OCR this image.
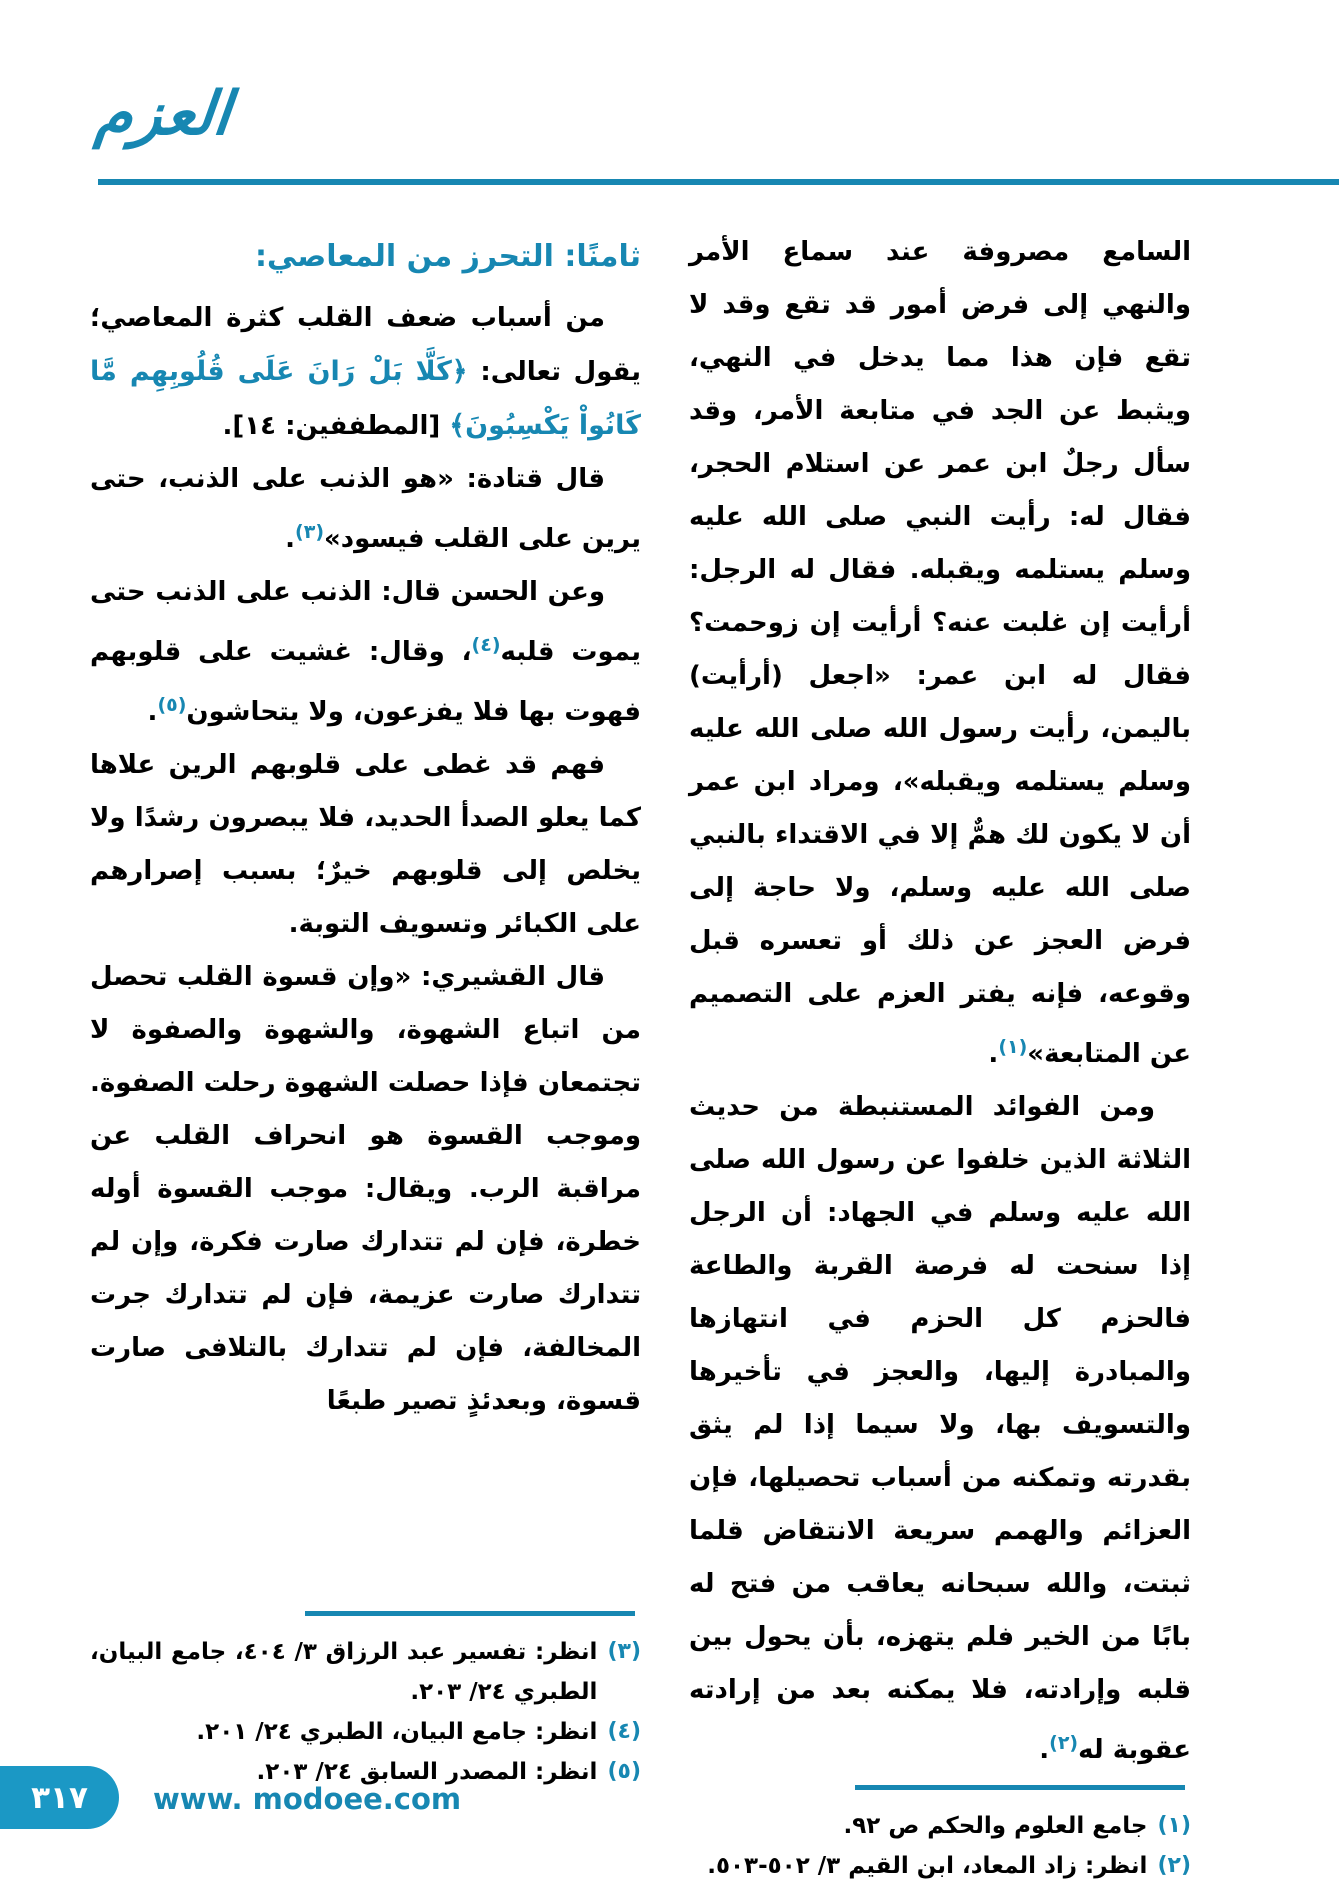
العزم

السامع مصروفة عند سماع الأمر والنهي إلى فرض أمور قد تقع وقد لا تقع فإن هذا مما يدخل في النهي، ويثبط عن الجد في متابعة الأمر، وقد سأل رجلٌ ابن عمر عن استلام الحجر، فقال له: رأيت النبي صلى الله عليه وسلم يستلمه ويقبله. فقال له الرجل: أرأيت إن غلبت عنه؟ أرأيت إن زوحمت؟ فقال له ابن عمر: «اجعل (أرأيت) باليمن، رأيت رسول الله صلى الله عليه وسلم يستلمه ويقبله»، ومراد ابن عمر أن لا يكون لك همٌّ إلا في الاقتداء بالنبي صلى الله عليه وسلم، ولا حاجة إلى فرض العجز عن ذلك أو تعسره قبل وقوعه، فإنه يفتر العزم على التصميم عن المتابعة»$^{(١)}$.

ومن الفوائد المستنبطة من حديث الثلاثة الذين خلفوا عن رسول الله صلى الله عليه وسلم في الجهاد: أن الرجل إذا سنحت له فرصة القربة والطاعة فالحزم كل الحزم في انتهازها والمبادرة إليها، والعجز في تأخيرها والتسويف بها، ولا سيما إذا لم يثق بقدرته وتمكنه من أسباب تحصيلها، فإن العزائم والهمم سريعة الانتقاض قلما ثبتت، والله سبحانه يعاقب من فتح له بابًا من الخير فلم يتهزه، بأن يحول بين قلبه وإرادته، فلا يمكنه بعد من إرادته عقوبة له$^{(٢)}$.

(١)
جامع العلوم والحكم ص ٩٢.
(٢)
انظر: زاد المعاد، ابن القيم ٣/ ٥٠٢-٥٠٣.
ثامنًا: التحرز من المعاصي:

من أسباب ضعف القلب كثرة المعاصي؛ يقول تعالى: ﴿كَلَّا بَلْ رَانَ عَلَى قُلُوبِهِم مَّا كَانُواْ يَكْسِبُونَ﴾ [المطففين: ١٤].

قال قتادة: «هو الذنب على الذنب، حتى يرين على القلب فيسود»$^{(٣)}$.

وعن الحسن قال: الذنب على الذنب حتى يموت قلبه$^{(٤)}$، وقال: غشيت على قلوبهم فهوت بها فلا يفزعون، ولا يتحاشون$^{(٥)}$.

فهم قد غطى على قلوبهم الرين علاها كما يعلو الصدأ الحديد، فلا يبصرون رشدًا ولا يخلص إلى قلوبهم خيرٌ؛ بسبب إصرارهم على الكبائر وتسويف التوبة.

قال القشيري: «وإن قسوة القلب تحصل من اتباع الشهوة، والشهوة والصفوة لا تجتمعان فإذا حصلت الشهوة رحلت الصفوة. وموجب القسوة هو انحراف القلب عن مراقبة الرب. ويقال: موجب القسوة أوله خطرة، فإن لم تتدارك صارت فكرة، وإن لم تتدارك صارت عزيمة، فإن لم تتدارك جرت المخالفة، فإن لم تتدارك بالتلافى صارت قسوة، وبعدئذٍ تصير طبعًا

(٣)
انظر: تفسير عبد الرزاق ٣/ ٤٠٤، جامع البيان، الطبري ٢٤/ ٢٠٣.
(٤)
انظر: جامع البيان، الطبري ٢٤/ ٢٠١.
(٥)
انظر: المصدر السابق ٢٤/ ٢٠٣.
٣١٧ www. modoee.com
